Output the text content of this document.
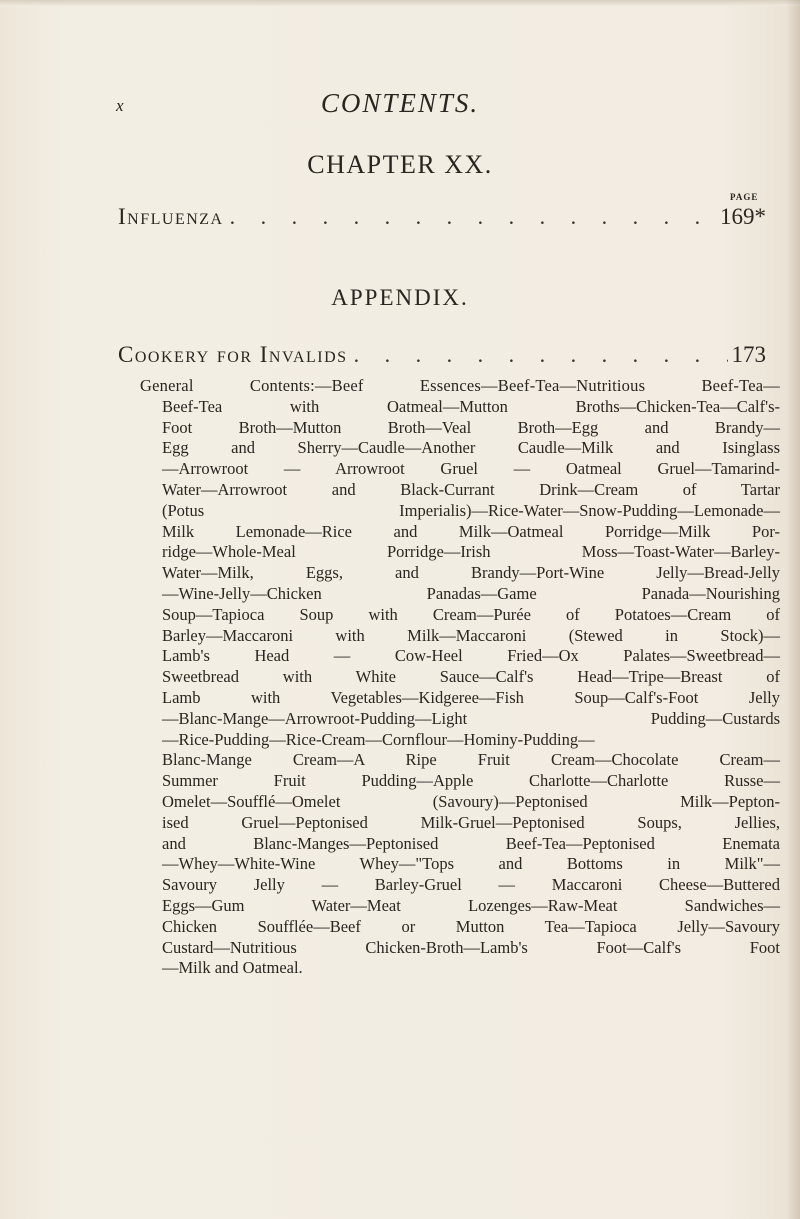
x	CONTENTS.
CHAPTER XX.
PAGE
Influenza . . .	169*
APPENDIX.
Cookery for Invalids . . .	173
General Contents:—Beef Essences—Beef-Tea—Nutritious Beef-Tea—
Beef-Tea with Oatmeal—Mutton Broths—Chicken-Tea—Calf's-
Foot Broth—Mutton Broth—Veal Broth—Egg and Brandy—
Egg and Sherry—Caudle—Another Caudle—Milk and Isinglass
—Arrowroot — Arrowroot Gruel — Oatmeal Gruel—Tamarind-
Water—Arrowroot and Black-Currant Drink—Cream of Tartar
(Potus Imperialis)—Rice-Water—Snow-Pudding—Lemonade—
Milk Lemonade—Rice and Milk—Oatmeal Porridge—Milk Por-
ridge—Whole-Meal Porridge—Irish Moss—Toast-Water—Barley-
Water—Milk, Eggs, and Brandy—Port-Wine Jelly—Bread-Jelly
—Wine-Jelly—Chicken Panadas—Game Panada—Nourishing
Soup—Tapioca Soup with Cream—Purée of Potatoes—Cream of
Barley—Maccaroni with Milk—Maccaroni (Stewed in Stock)—
Lamb's Head — Cow-Heel Fried—Ox Palates—Sweetbread—
Sweetbread with White Sauce—Calf's Head—Tripe—Breast of
Lamb with Vegetables—Kidgeree—Fish Soup—Calf's-Foot Jelly
—Blanc-Mange—Arrowroot-Pudding—Light Pudding—Custards
—Rice-Pudding—Rice-Cream—Cornflour—Hominy-Pudding—
Blanc-Mange Cream—A Ripe Fruit Cream—Chocolate Cream—
Summer Fruit Pudding—Apple Charlotte—Charlotte Russe—
Omelet—Soufflé—Omelet (Savoury)—Peptonised Milk—Pepton-
ised Gruel—Peptonised Milk-Gruel—Peptonised Soups, Jellies,
and Blanc-Manges—Peptonised Beef-Tea—Peptonised Enemata
—Whey—White-Wine Whey—"Tops and Bottoms in Milk"—
Savoury Jelly — Barley-Gruel — Maccaroni Cheese—Buttered
Eggs—Gum Water—Meat Lozenges—Raw-Meat Sandwiches—
Chicken Soufflée—Beef or Mutton Tea—Tapioca Jelly—Savoury
Custard—Nutritious Chicken-Broth—Lamb's Foot—Calf's Foot
—Milk and Oatmeal.
